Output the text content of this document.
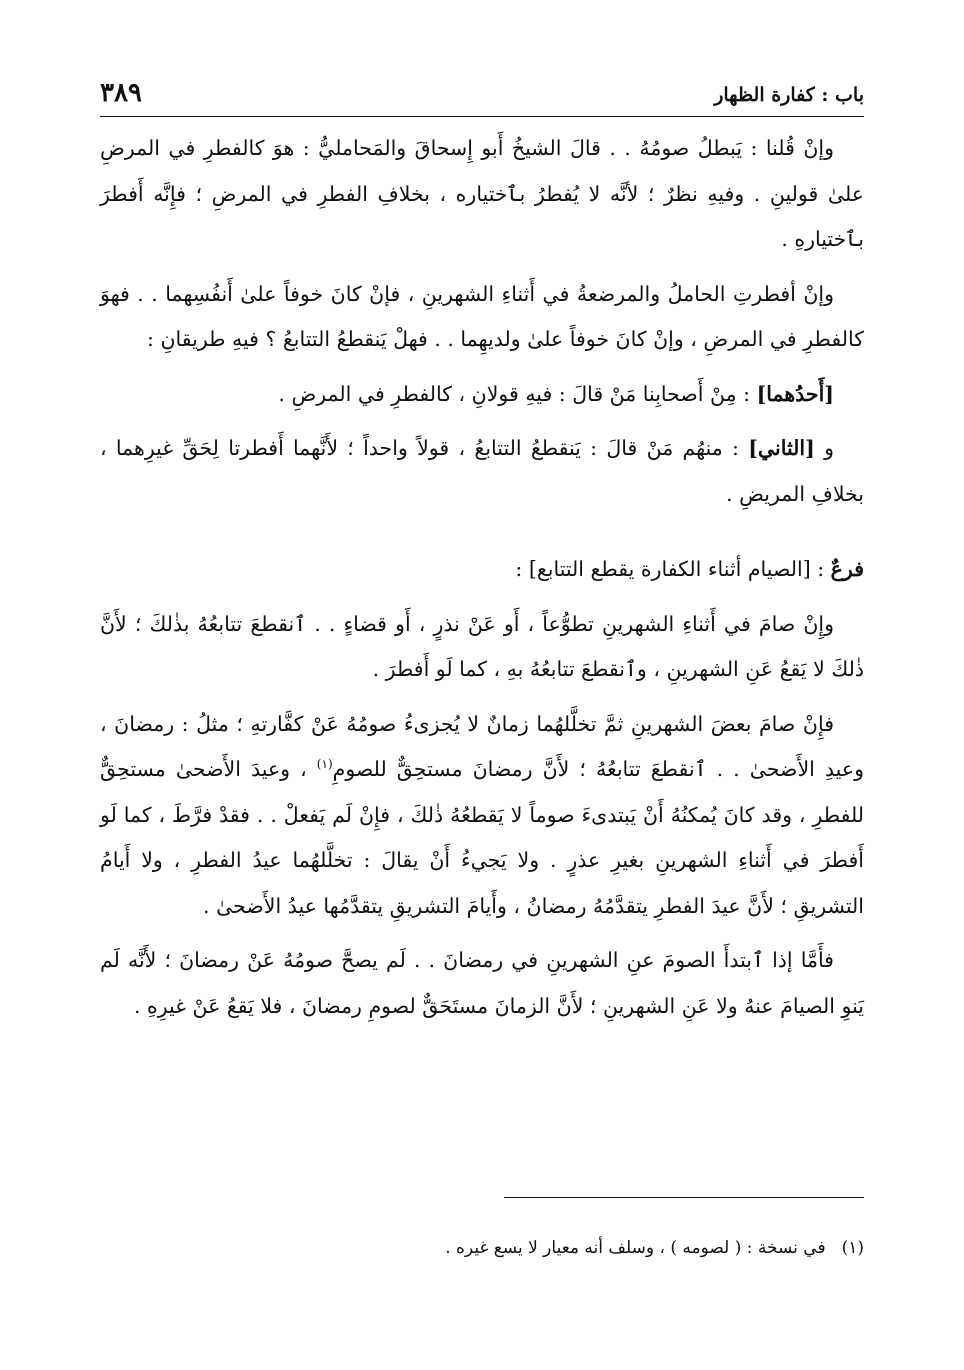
باب : كفارة الظهار
٣٨٩

وإنْ قُلنا : يَبطلُ صومُهُ . . قالَ الشيخُ أَبو إِسحاقَ والمَحامليُّ : هوَ كالفطرِ في المرضِ علىٰ قولينِ . وفيهِ نظرٌ ؛ لأنَّه لا يُفطرُ بٱختياره ، بخلافِ الفطرِ في المرضِ ؛ فإِنَّه أَفطرَ بٱختيارهِ .

وإنْ أفطرتِ الحاملُ والمرضعةُ في أَثناءِ الشهرينِ ، فإنْ كانَ خوفاً علىٰ أَنفُسِهما . . فهوَ كالفطرِ في المرضِ ، وإنْ كانَ خوفاً علىٰ ولديهِما . . فهلْ يَنقطعُ التتابعُ ؟ فيهِ طريقانِ :

[أَحدُهما] : مِنْ أَصحابِنا مَنْ قالَ : فيهِ قولانِ ، كالفطرِ في المرضِ .

و [الثاني] : منهُم مَنْ قالَ : يَنقطعُ التتابعُ ، قولاً واحداً ؛ لأَنَّهما أَفطرتا لِحَقِّ غيرِهما ، بخلافِ المريضِ .

فرعٌ : [الصيام أثناء الكفارة يقطع التتابع] :

وإِنْ صامَ في أَثناءِ الشهرينِ تطوُّعاً ، أَو عَنْ نذرٍ ، أَو قضاءٍ . . ٱنقطعَ تتابعُهُ بذٰلكَ ؛ لأَنَّ ذٰلكَ لا يَقعُ عَنِ الشهرينِ ، وٱنقطعَ تتابعُهُ بهِ ، كما لَو أَفطرَ .

فإِنْ صامَ بعضَ الشهرينِ ثمَّ تخلَّلهُما زمانٌ لا يُجزىءُ صومُهُ عَنْ كفَّارتهِ ؛ مثلُ : رمضانَ ، وعيدِ الأَضحىٰ . . ٱنقطعَ تتابعُهُ ؛ لأَنَّ رمضانَ مستحِقٌّ للصومِ$^{(١)}$ ، وعيدَ الأَضحىٰ مستحِقٌّ للفطرِ ، وقد كانَ يُمكنُهُ أَنْ يَبتدىءَ صوماً لا يَقطعُهُ ذٰلكَ ، فإِنْ لَم يَفعلْ . . فقدْ فرَّطَ ، كما لَو أَفطرَ في أَثناءِ الشهرينِ بغيرِ عذرٍ . ولا يَجيءُ أَنْ يقالَ : تخلَّلهُما عيدُ الفطرِ ، ولا أَيامُ التشريقِ ؛ لأَنَّ عيدَ الفطرِ يتقدَّمُهُ رمضانُ ، وأَيامَ التشريقِ يتقدَّمُها عيدُ الأَضحىٰ .

فأَمَّا إذا ٱبتدأَ الصومَ عنِ الشهرينِ في رمضانَ . . لَم يصحَّ صومُهُ عَنْ رمضانَ ؛ لأَنَّه لَم يَنوِ الصيامَ عنهُ ولا عَنِ الشهرينِ ؛ لأَنَّ الزمانَ مستَحَقٌّ لصومِ رمضانَ ، فلا يَقعُ عَنْ غيرِهِ .

(١)في نسخة : ( لصومه ) ، وسلف أنه معيار لا يسع غيره .
